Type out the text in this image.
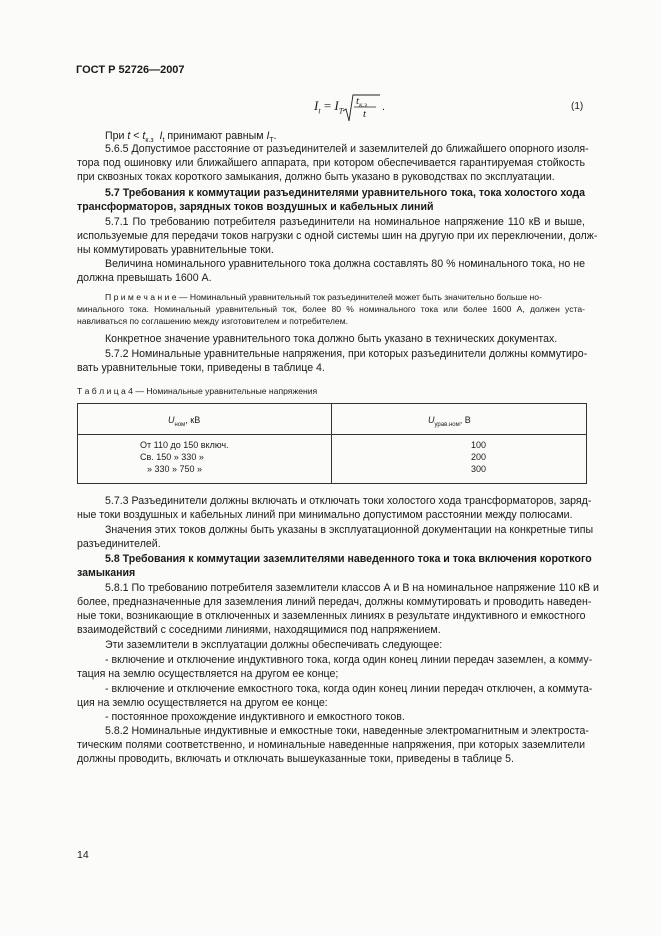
ГОСТ Р 52726—2007
$I_t = I_T$
$t_{к.з}$
t
.	(1)
При $t < t_{к.з}$ $I_t$ принимают равным $I_T$.
5.6.5 Допустимое расстояние от разъединителей и заземлителей до ближайшего опорного изоля-
тора под ошиновку или ближайшего аппарата, при котором обеспечивается гарантируемая стойкость
при сквозных токах короткого замыкания, должно быть указано в руководствах по эксплуатации.
5.7 Требования к коммутации разъединителями уравнительного тока, тока холостого хода
трансформаторов, зарядных токов воздушных и кабельных линий
5.7.1 По требованию потребителя разъединители на номинальное напряжение 110 кВ и выше,
используемые для передачи токов нагрузки с одной системы шин на другую при их переключении, долж-
ны коммутировать уравнительные токи.
Величина номинального уравнительного тока должна составлять 80 % номинального тока, но не
должна превышать 1600 А.
П р и м е ч а н и е — Номинальный уравнительный ток разъединителей может быть значительно больше но-
минального тока. Номинальный уравнительный ток, более 80 % номинального тока или более 1600 А, должен уста-
навливаться по соглашению между изготовителем и потребителем.
Конкретное значение уравнительного тока должно быть указано в технических документах.
5.7.2 Номинальные уравнительные напряжения, при которых разъединители должны коммутиро-
вать уравнительные токи, приведены в таблице 4.
Т а б л и ц а 4 — Номинальные уравнительные напряжения
$U_{ном}$, кВ	$U_{урав.ном}$, В
От 110 до 150 включ.	100
Св. 150 » 330 »	200
» 330 » 750 »	300
5.7.3 Разъединители должны включать и отключать токи холостого хода трансформаторов, заряд-
ные токи воздушных и кабельных линий при минимально допустимом расстоянии между полюсами.
Значения этих токов должны быть указаны в эксплуатационной документации на конкретные типы
разъединителей.
5.8 Требования к коммутации заземлителями наведенного тока и тока включения короткого
замыкания
5.8.1 По требованию потребителя заземлители классов А и В на номинальное напряжение 110 кВ и
более, предназначенные для заземления линий передач, должны коммутировать и проводить наведен-
ные токи, возникающие в отключенных и заземленных линиях в результате индуктивного и емкостного
взаимодействий с соседними линиями, находящимися под напряжением.
Эти заземлители в эксплуатации должны обеспечивать следующее:
- включение и отключение индуктивного тока, когда один конец линии передач заземлен, а комму-
тация на землю осуществляется на другом ее конце;
- включение и отключение емкостного тока, когда один конец линии передач отключен, а коммута-
ция на землю осуществляется на другом ее конце:
- постоянное прохождение индуктивного и емкостного токов.
5.8.2 Номинальные индуктивные и емкостные токи, наведенные электромагнитным и электроста-
тическим полями соответственно, и номинальные наведенные напряжения, при которых заземлители
должны проводить, включать и отключать вышеуказанные токи, приведены в таблице 5.
14
